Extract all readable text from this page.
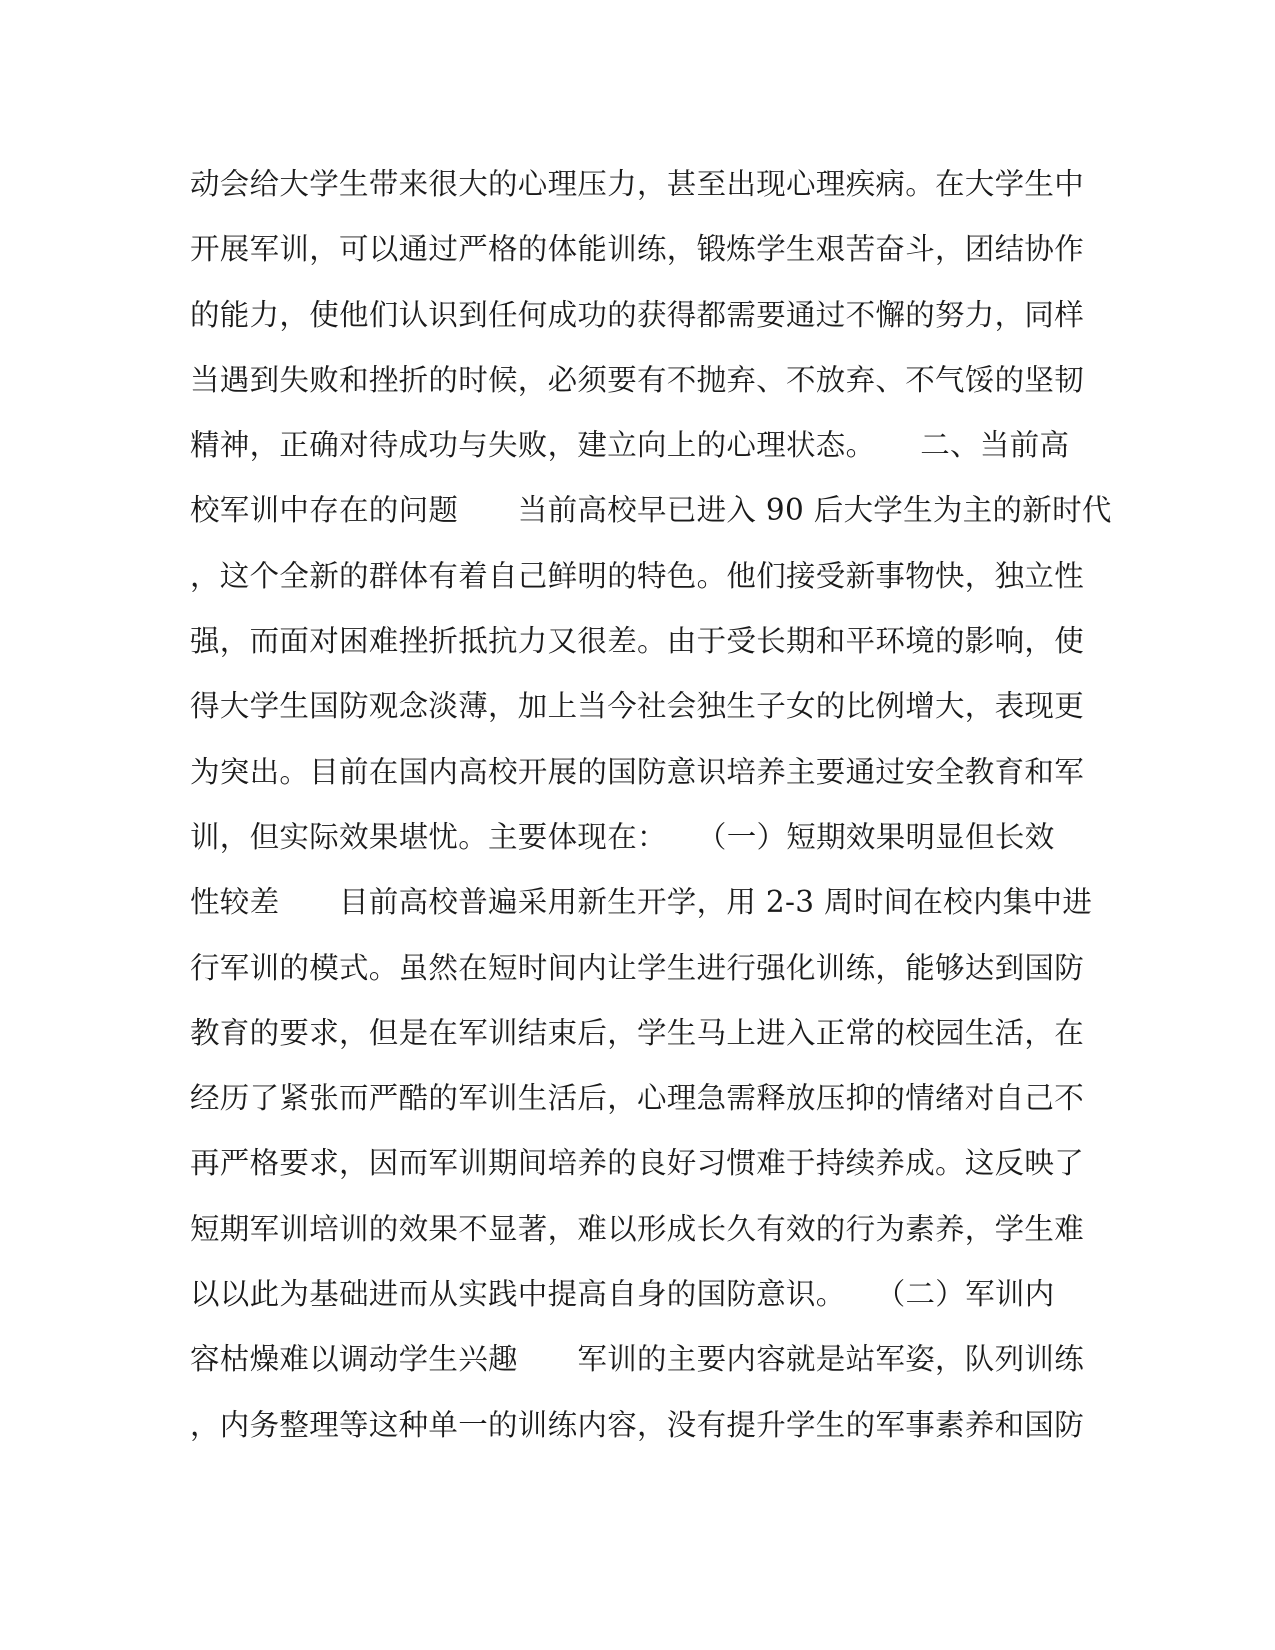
动会给大学生带来很大的心理压力，甚至出现心理疾病。在大学生中
开展军训，可以通过严格的体能训练，锻炼学生艰苦奋斗，团结协作
的能力，使他们认识到任何成功的获得都需要通过不懈的努力，同样
当遇到失败和挫折的时候，必须要有不抛弃、不放弃、不气馁的坚韧
精神，正确对待成功与失败，建立向上的心理状态。　　二、当前高
校军训中存在的问题　　当前高校早已进入 90 后大学生为主的新时代
，这个全新的群体有着自己鲜明的特色。他们接受新事物快，独立性
强，而面对困难挫折抵抗力又很差。由于受长期和平环境的影响，使
得大学生国防观念淡薄，加上当今社会独生子女的比例增大，表现更
为突出。目前在国内高校开展的国防意识培养主要通过安全教育和军
训，但实际效果堪忧。主要体现在：　　（一）短期效果明显但长效
性较差　　目前高校普遍采用新生开学，用 2-3 周时间在校内集中进
行军训的模式。虽然在短时间内让学生进行强化训练，能够达到国防
教育的要求，但是在军训结束后，学生马上进入正常的校园生活，在
经历了紧张而严酷的军训生活后，心理急需释放压抑的情绪对自己不
再严格要求，因而军训期间培养的良好习惯难于持续养成。这反映了
短期军训培训的效果不显著，难以形成长久有效的行为素养，学生难
以以此为基础进而从实践中提高自身的国防意识。　　（二）军训内
容枯燥难以调动学生兴趣　　军训的主要内容就是站军姿，队列训练
，内务整理等这种单一的训练内容，没有提升学生的军事素养和国防
